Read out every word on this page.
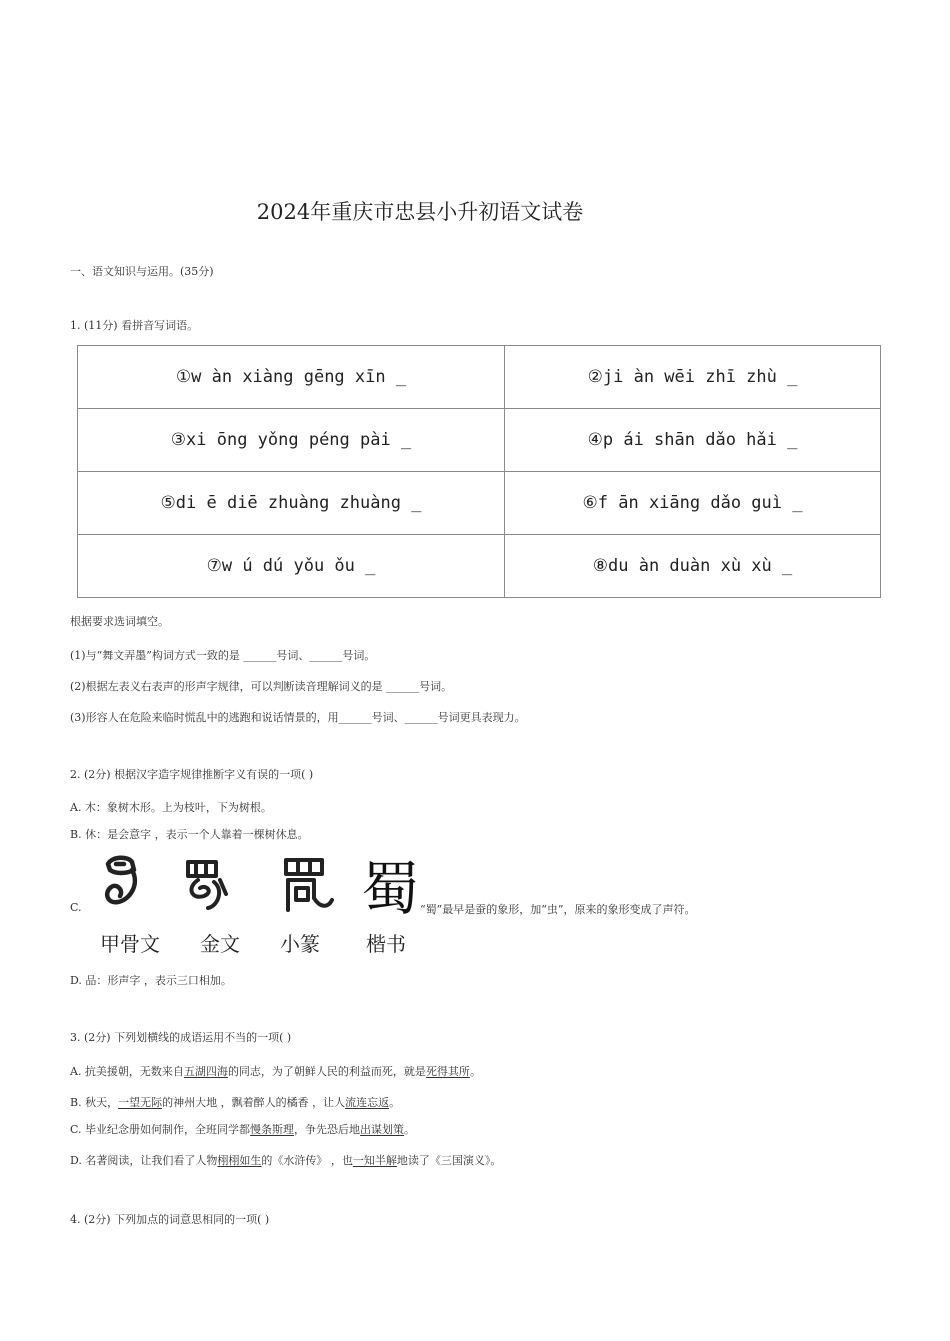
2024年重庆市忠县小升初语文试卷
一、语文知识与运用。(35分)
1. (11分) 看拼音写词语。
①w àn xiàng gēng xīn _	②ji àn wēi zhī zhù _
③xi ōng yǒng péng pài _	④p ái shān dǎo hǎi _
⑤di ē diē zhuàng zhuàng _	⑥f ān xiāng dǎo guì _
⑦w ú dú yǒu ǒu _	⑧du àn duàn xù xù _
根据要求选词填空。
(1)与“舞文弄墨”构词方式一致的是 ______号词、______号词。
(2)根据左表义右表声的形声字规律，可以判断读音理解词义的是 ______号词。
(3)形容人在危险来临时慌乱中的逃跑和说话情景的，用______号词、______号词更具表现力。
2. (2分) 根据汉字造字规律推断字义有误的一项( )
A. 木：象树木形。上为枝叶，下为树根。
B. 休：是会意字 ，表示一个人靠着一棵树休息。
C.	蜀
甲骨文 金文 小篆 楷书
“蜀”最早是蚕的象形，加“虫”，原来的象形变成了声符。
D. 品：形声字 ，表示三口相加。
3. (2分) 下列划横线的成语运用不当的一项( )
A. 抗美援朝，无数来自五湖四海的同志，为了朝鲜人民的利益而死，就是死得其所。
B. 秋天，一望无际的神州大地 ，飘着醉人的橘香 ，让人流连忘返。
C. 毕业纪念册如何制作，全班同学都慢条斯理，争先恐后地出谋划策。
D. 名著阅读，让我们看了人物栩栩如生的《水浒传》 ，也一知半解地读了《三国演义》。
4. (2分) 下列加点的词意思相同的一项( )
